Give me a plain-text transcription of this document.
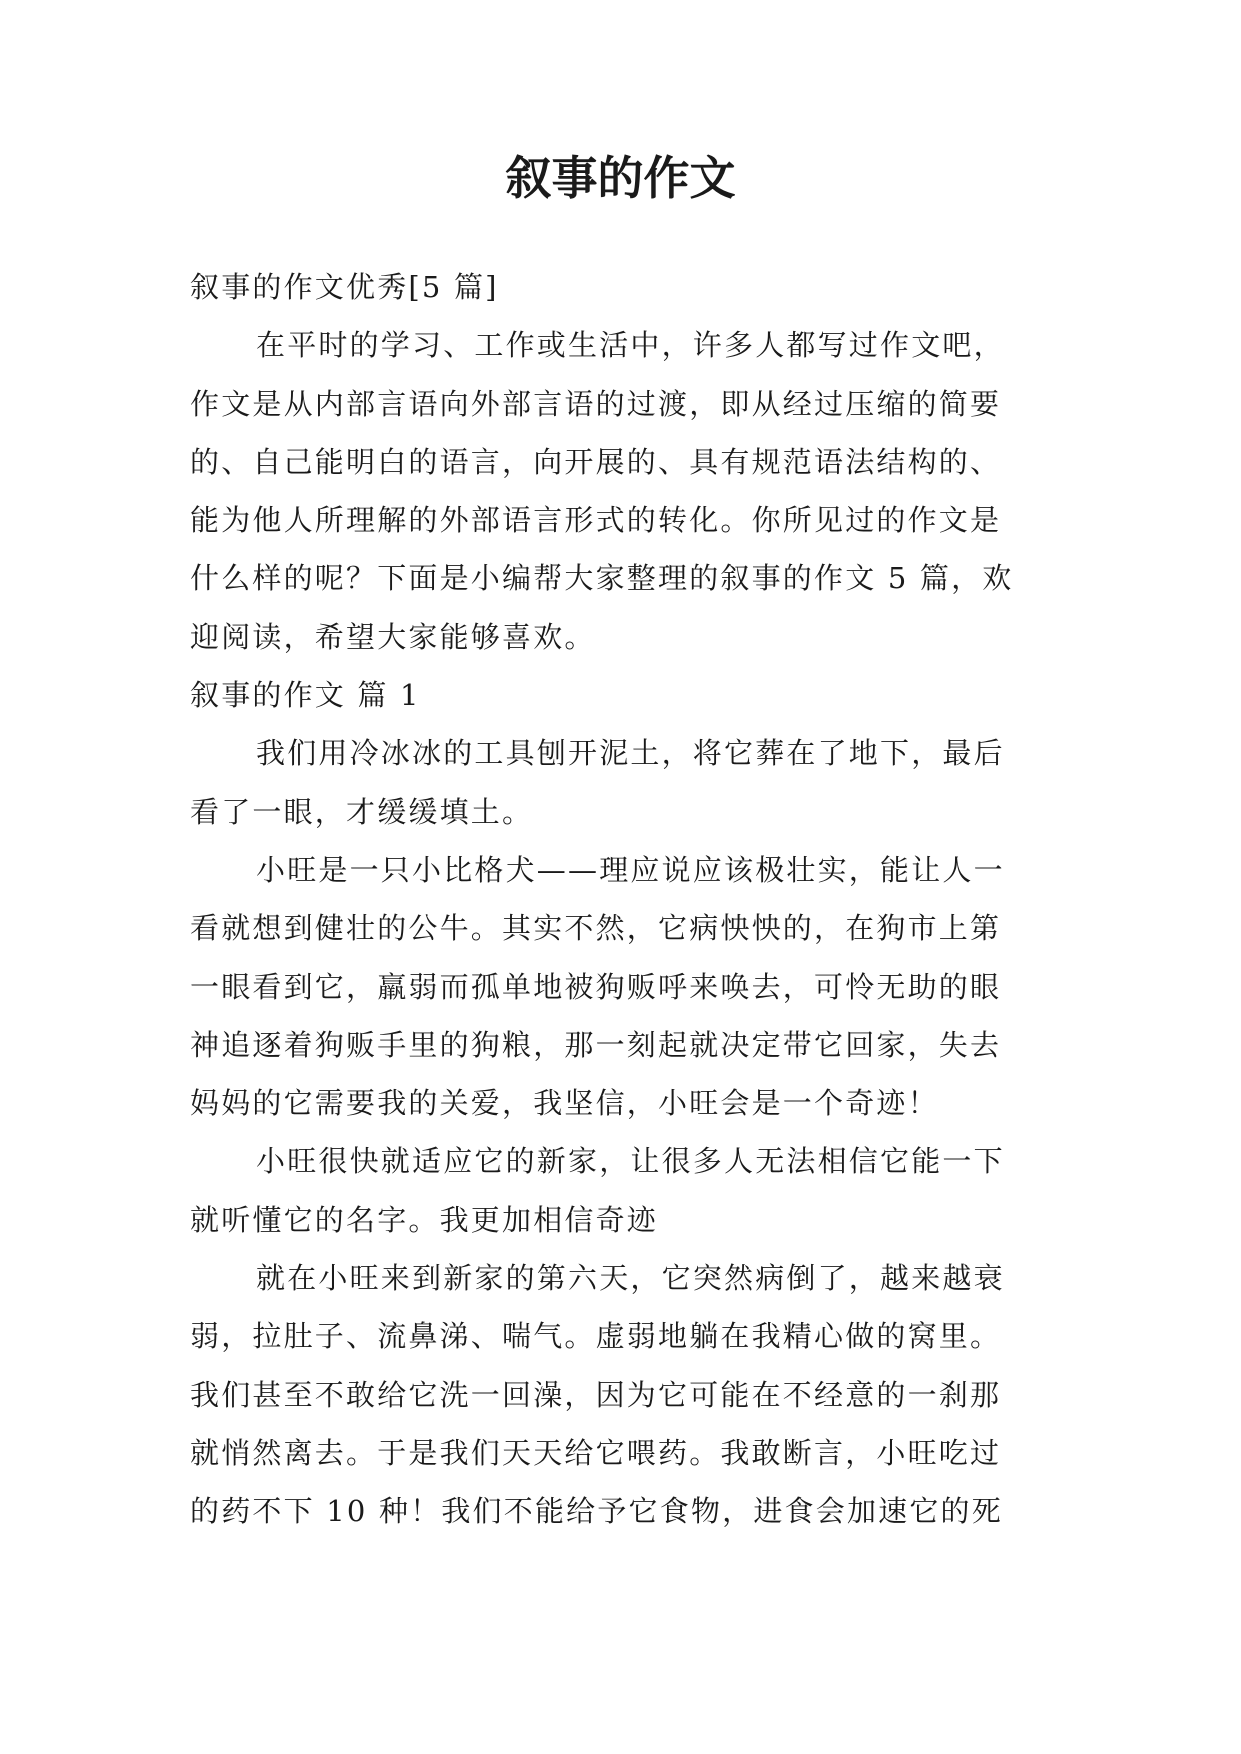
叙事的作文

叙事的作文优秀[5 篇]

在平时的学习、工作或生活中，许多人都写过作文吧，

作文是从内部言语向外部言语的过渡，即从经过压缩的简要

的、自己能明白的语言，向开展的、具有规范语法结构的、

能为他人所理解的外部语言形式的转化。你所见过的作文是

什么样的呢？下面是小编帮大家整理的叙事的作文 5 篇，欢

迎阅读，希望大家能够喜欢。

叙事的作文 篇 1

我们用冷冰冰的工具刨开泥土，将它葬在了地下，最后

看了一眼，才缓缓填土。

小旺是一只小比格犬——理应说应该极壮实，能让人一

看就想到健壮的公牛。其实不然，它病怏怏的，在狗市上第

一眼看到它，羸弱而孤单地被狗贩呼来唤去，可怜无助的眼

神追逐着狗贩手里的狗粮，那一刻起就决定带它回家，失去

妈妈的它需要我的关爱，我坚信，小旺会是一个奇迹！

小旺很快就适应它的新家，让很多人无法相信它能一下

就听懂它的名字。我更加相信奇迹

就在小旺来到新家的第六天，它突然病倒了，越来越衰

弱，拉肚子、流鼻涕、喘气。虚弱地躺在我精心做的窝里。

我们甚至不敢给它洗一回澡，因为它可能在不经意的一刹那

就悄然离去。于是我们天天给它喂药。我敢断言，小旺吃过

的药不下 10 种！我们不能给予它食物，进食会加速它的死
